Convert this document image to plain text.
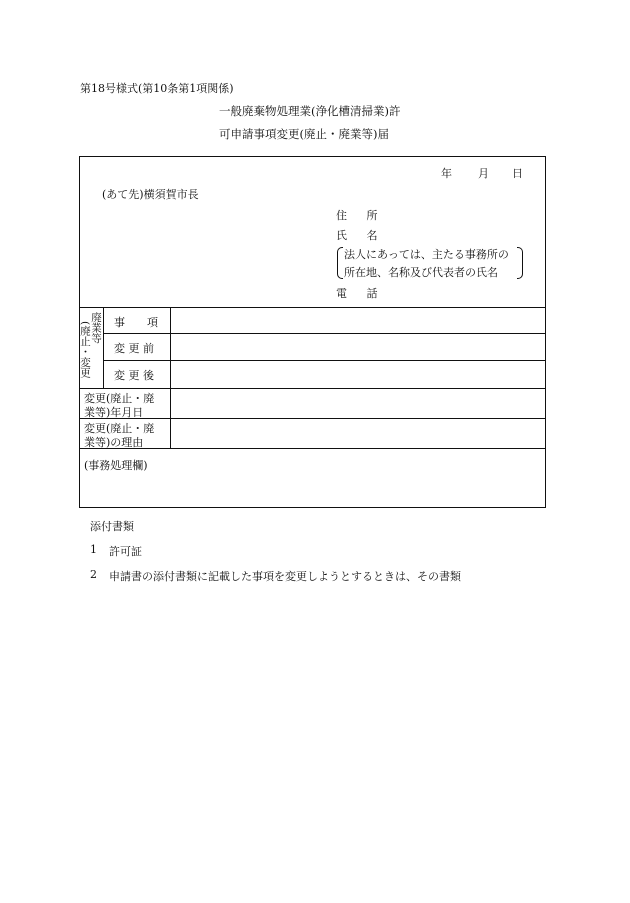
第18号様式(第10条第1項関係)
一般廃棄物処理業(浄化槽清掃業)許
可申請事項変更(廃止・廃業等)届
年 月 日
(あて先)横須賀市長
住 所
氏 名
法人にあっては、主たる事務所の
所在地、名称及び代表者の氏名
電 話
廃業等
(廃止・変更 事　　項
変 更 前
変 更 後
変更(廃止・廃
業等)年月日
変更(廃止・廃
業等)の理由
(事務処理欄)
添付書類
1 許可証
2 申請書の添付書類に記載した事項を変更しようとするときは、その書類
